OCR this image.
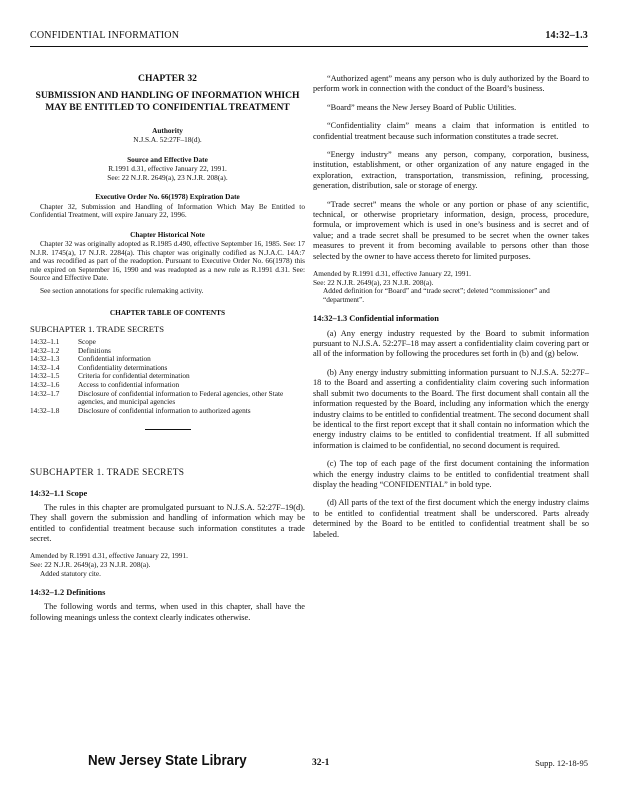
CONFIDENTIAL INFORMATION	14:32–1.3
CHAPTER 32
SUBMISSION AND HANDLING OF INFORMATION WHICH MAY BE ENTITLED TO CONFIDENTIAL TREATMENT
Authority
N.J.S.A. 52:27F–18(d).
Source and Effective Date
R.1991 d.31, effective January 22, 1991.
See: 22 N.J.R. 2649(a), 23 N.J.R. 208(a).
Executive Order No. 66(1978) Expiration Date
Chapter 32, Submission and Handling of Information Which May Be Entitled to Confidential Treatment, will expire January 22, 1996.
Chapter Historical Note
Chapter 32 was originally adopted as R.1985 d.490, effective September 16, 1985. See: 17 N.J.R. 1745(a), 17 N.J.R. 2284(a). This chapter was originally codified as N.J.A.C. 14A:7 and was recodified as part of the readoption. Pursuant to Executive Order No. 66(1978) this rule expired on September 16, 1990 and was readopted as a new rule as R.1991 d.31. See: Source and Effective Date.
See section annotations for specific rulemaking activity.
CHAPTER TABLE OF CONTENTS
SUBCHAPTER 1. TRADE SECRETS
14:32–1.1	Scope
14:32–1.2	Definitions
14:32–1.3	Confidential information
14:32–1.4	Confidentiality determinations
14:32–1.5	Criteria for confidential determination
14:32–1.6	Access to confidential information
14:32–1.7	Disclosure of confidential information to Federal agencies, other State agencies, and municipal agencies
14:32–1.8	Disclosure of confidential information to authorized agents
SUBCHAPTER 1. TRADE SECRETS
14:32–1.1 Scope
The rules in this chapter are promulgated pursuant to N.J.S.A. 52:27F–19(d). They shall govern the submission and handling of information which may be entitled to confidential treatment because such information constitutes a trade secret.
Amended by R.1991 d.31, effective January 22, 1991.
See: 22 N.J.R. 2649(a), 23 N.J.R. 208(a).
Added statutory cite.
14:32–1.2 Definitions
The following words and terms, when used in this chapter, shall have the following meanings unless the context clearly indicates otherwise.
“Authorized agent” means any person who is duly authorized by the Board to perform work in connection with the conduct of the Board’s business.
“Board” means the New Jersey Board of Public Utilities.
“Confidentiality claim” means a claim that information is entitled to confidential treatment because such information constitutes a trade secret.
“Energy industry” means any person, company, corporation, business, institution, establishment, or other organization of any nature engaged in the exploration, extraction, transportation, transmission, refining, processing, generation, distribution, sale or storage of energy.
“Trade secret” means the whole or any portion or phase of any scientific, technical, or otherwise proprietary information, design, process, procedure, formula, or improvement which is used in one’s business and is secret and of value; and a trade secret shall be presumed to be secret when the owner takes measures to prevent it from becoming available to persons other than those selected by the owner to have access thereto for limited purposes.
Amended by R.1991 d.31, effective January 22, 1991.
See: 22 N.J.R. 2649(a), 23 N.J.R. 208(a).
Added definition for “Board” and “trade secret”; deleted “commissioner” and “department”.
14:32–1.3 Confidential information
(a) Any energy industry requested by the Board to submit information pursuant to N.J.S.A. 52:27F–18 may assert a confidentiality claim covering part or all of the information by following the procedures set forth in (b) and (g) below.
(b) Any energy industry submitting information pursuant to N.J.S.A. 52:27F–18 to the Board and asserting a confidentiality claim covering such information shall submit two documents to the Board. The first document shall contain all the information requested by the Board, including any information which the energy industry claims to be entitled to confidential treatment. The second document shall be identical to the first report except that it shall contain no information which the energy industry claims to be entitled to confidential treatment. If all submitted information is claimed to be confidential, no second document is required.
(c) The top of each page of the first document containing the information which the energy industry claims to be entitled to confidential treatment shall display the heading “CONFIDENTIAL” in bold type.
(d) All parts of the text of the first document which the energy industry claims to be entitled to confidential treatment shall be underscored. Parts already determined by the Board to be entitled to confidential treatment shall be so labeled.
New Jersey State Library	32-1	Supp. 12-18-95
